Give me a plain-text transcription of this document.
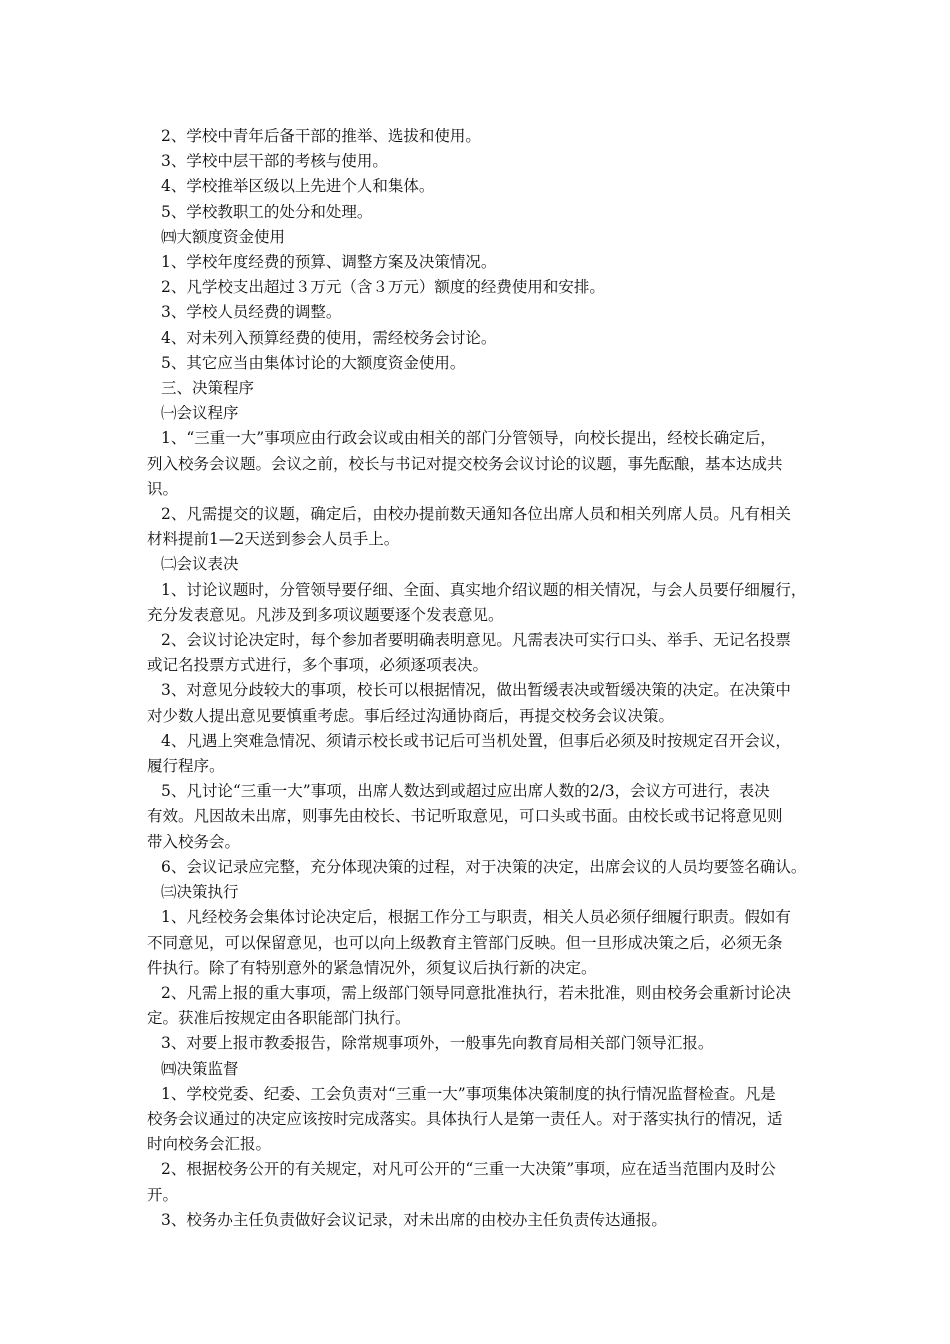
2、学校中青年后备干部的推举、选拔和使用。
3、学校中层干部的考核与使用。
4、学校推举区级以上先进个人和集体。
5、学校教职工的处分和处理。
㈣大额度资金使用
1、学校年度经费的预算、调整方案及决策情况。
2、凡学校支出超过３万元（含３万元）额度的经费使用和安排。
3、学校人员经费的调整。
4、对未列入预算经费的使用，需经校务会讨论。
5、其它应当由集体讨论的大额度资金使用。
三、决策程序
㈠会议程序
1、“三重一大”事项应由行政会议或由相关的部门分管领导，向校长提出，经校长确定后，
列入校务会议题。会议之前，校长与书记对提交校务会议讨论的议题，事先酝酿，基本达成共
识。
2、凡需提交的议题，确定后，由校办提前数天通知各位出席人员和相关列席人员。凡有相关
材料提前1—2天送到参会人员手上。
㈡会议表决
1、讨论议题时，分管领导要仔细、全面、真实地介绍议题的相关情况，与会人员要仔细履行，
充分发表意见。凡涉及到多项议题要逐个发表意见。
2、会议讨论决定时，每个参加者要明确表明意见。凡需表决可实行口头、举手、无记名投票
或记名投票方式进行，多个事项，必须逐项表决。
3、对意见分歧较大的事项，校长可以根据情况，做出暂缓表决或暂缓决策的决定。在决策中
对少数人提出意见要慎重考虑。事后经过沟通协商后，再提交校务会议决策。
4、凡遇上突难急情况、须请示校长或书记后可当机处置，但事后必须及时按规定召开会议，
履行程序。
5、凡讨论“三重一大”事项，出席人数达到或超过应出席人数的2/3，会议方可进行，表决
有效。凡因故未出席，则事先由校长、书记听取意见，可口头或书面。由校长或书记将意见则
带入校务会。
6、会议记录应完整，充分体现决策的过程，对于决策的决定，出席会议的人员均要签名确认。
㈢决策执行
1、凡经校务会集体讨论决定后，根据工作分工与职责，相关人员必须仔细履行职责。假如有
不同意见，可以保留意见，也可以向上级教育主管部门反映。但一旦形成决策之后，必须无条
件执行。除了有特别意外的紧急情况外，须复议后执行新的决定。
2、凡需上报的重大事项，需上级部门领导同意批准执行，若未批准，则由校务会重新讨论决
定。获准后按规定由各职能部门执行。
3、对要上报市教委报告，除常规事项外，一般事先向教育局相关部门领导汇报。
㈣决策监督
1、学校党委、纪委、工会负责对“三重一大”事项集体决策制度的执行情况监督检查。凡是
校务会议通过的决定应该按时完成落实。具体执行人是第一责任人。对于落实执行的情况，适
时向校务会汇报。
2、根据校务公开的有关规定，对凡可公开的“三重一大决策”事项，应在适当范围内及时公
开。
3、校务办主任负责做好会议记录，对未出席的由校办主任负责传达通报。
